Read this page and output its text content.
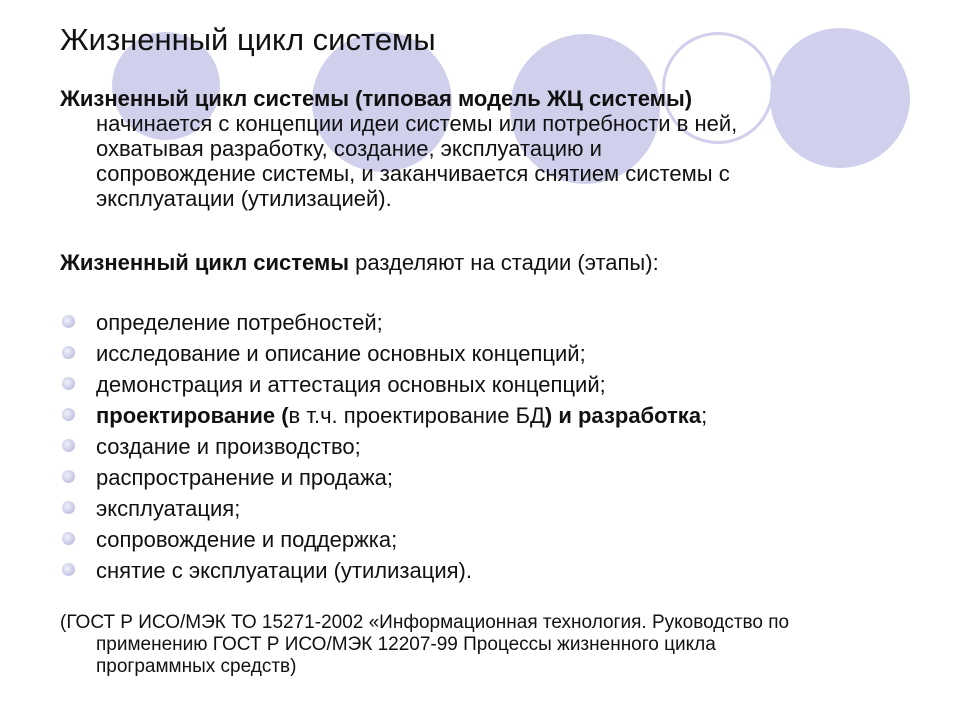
Жизненный цикл системы
Жизненный цикл системы (типовая модель ЖЦ системы)
начинается с концепции идеи системы или потребности в ней,
охватывая разработку, создание, эксплуатацию и
сопровождение системы, и заканчивается снятием системы с
эксплуатации (утилизацией).
Жизненный цикл системы разделяют на стадии (этапы):
определение потребностей;
исследование и описание основных концепций;
демонстрация и аттестация основных концепций;
проектирование (в т.ч. проектирование БД) и разработка;
создание и производство;
распространение и продажа;
эксплуатация;
сопровождение и поддержка;
снятие с эксплуатации (утилизация).
(ГОСТ Р ИСО/МЭК ТО 15271-2002 «Информационная технология. Руководство по
применению ГОСТ Р ИСО/МЭК 12207-99 Процессы жизненного цикла
программных средств)
